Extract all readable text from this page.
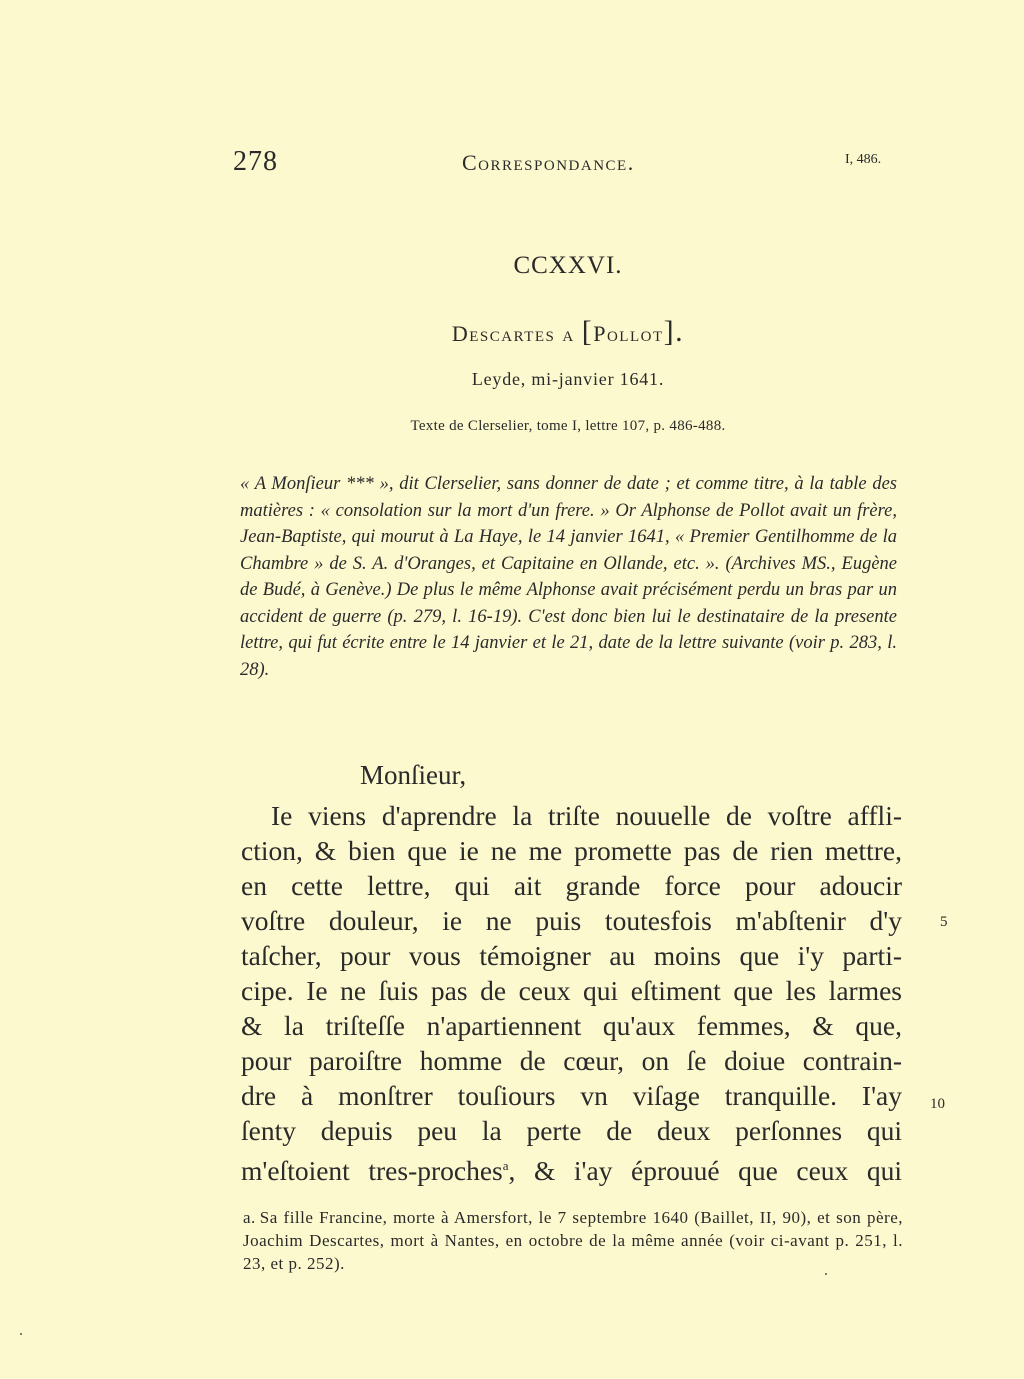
278	Correspondance.	I, 486.
CCXXVI.
Descartes a [Pollot].
Leyde, mi-janvier 1641.
Texte de Clerselier, tome I, lettre 107, p. 486-488.
« A Monſieur *** », dit Clerselier, sans donner de date ; et comme titre, à la table des matières : « consolation sur la mort d'un frere. » Or Alphonse de Pollot avait un frère, Jean-Baptiste, qui mourut à La Haye, le 14 janvier 1641, « Premier Gentilhomme de la Chambre » de S. A. d'Oranges, et Capitaine en Ollande, etc. ». (Archives MS., Eugène de Budé, à Genève.) De plus le même Alphonse avait précisément perdu un bras par un accident de guerre (p. 279, l. 16-19). C'est donc bien lui le destinataire de la presente lettre, qui fut écrite entre le 14 janvier et le 21, date de la lettre suivante (voir p. 283, l. 28).
Monſieur,
Ie viens d'aprendre la triſte nouuelle de voſtre affli-
ction, & bien que ie ne me promette pas de rien mettre,
en cette lettre, qui ait grande force pour adoucir
voſtre douleur, ie ne puis toutesfois m'abſtenir d'y
taſcher, pour vous témoigner au moins que i'y parti-
cipe. Ie ne ſuis pas de ceux qui eſtiment que les larmes
& la triſteſſe n'apartiennent qu'aux femmes, & que,
pour paroiſtre homme de cœur, on ſe doiue contrain-
dre à monſtrer touſiours vn viſage tranquille. I'ay
ſenty depuis peu la perte de deux perſonnes qui
m'eſtoient tres-proches$^a$, & i'ay éprouué que ceux qui
5
10
a. Sa fille Francine, morte à Amersfort, le 7 septembre 1640 (Baillet, II, 90), et son père, Joachim Descartes, mort à Nantes, en octobre de la même année (voir ci-avant p. 251, l. 23, et p. 252).
